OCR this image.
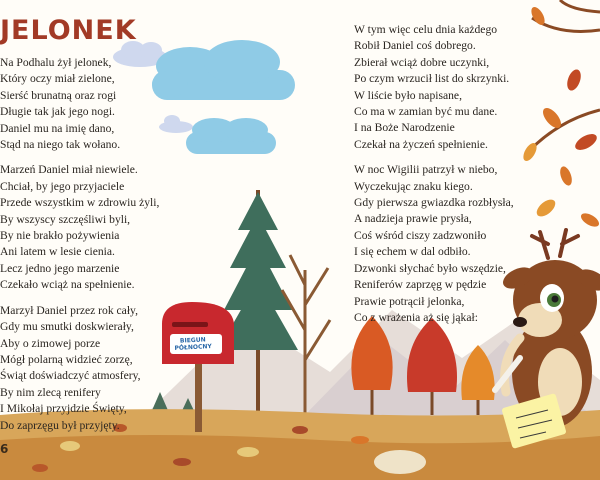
JELONEK
Na Podhalu żył jelonek,
Który oczy miał zielone,
Sierść brunatną oraz rogi
Długie tak jak jego nogi.
Daniel mu na imię dano,
Stąd na niego tak wołano.
Marzeń Daniel miał niewiele.
Chciał, by jego przyjaciele
Przede wszystkim w zdrowiu żyli,
By wszyscy szczęśliwi byli,
By nie brakło pożywienia
Ani latem w lesie cienia.
Lecz jedno jego marzenie
Czekało wciąż na spełnienie.
Marzył Daniel przez rok cały,
Gdy mu smutki doskwierały,
Aby o zimowej porze
Mógł polarną widzieć zorzę,
Świąt doświadczyć atmosfery,
By nim zlecą renifery
I Mikołaj przyjdzie Święty,
Do zaprzęgu był przyjęty.
W tym więc celu dnia każdego
Robił Daniel coś dobrego.
Zbierał wciąż dobre uczynki,
Po czym wrzucił list do skrzynki.
W liście było napisane,
Co ma w zamian być mu dane.
I na Boże Narodzenie
Czekał na życzeń spełnienie.
W noc Wigilii patrzył w niebo,
Wyczekując znaku kiego.
Gdy pierwsza gwiazdka rozbłysła,
A nadzieja prawie prysła,
Coś wśród ciszy zadzwoniło
I się echem w dal odbiło.
Dzwonki słychać było wszędzie,
Reniferów zaprzęg w pędzie
Prawie potrącił jelonka,
Co z wrażenia aż się jąkał:
BIEGUN
PÓŁNOCNY

6
